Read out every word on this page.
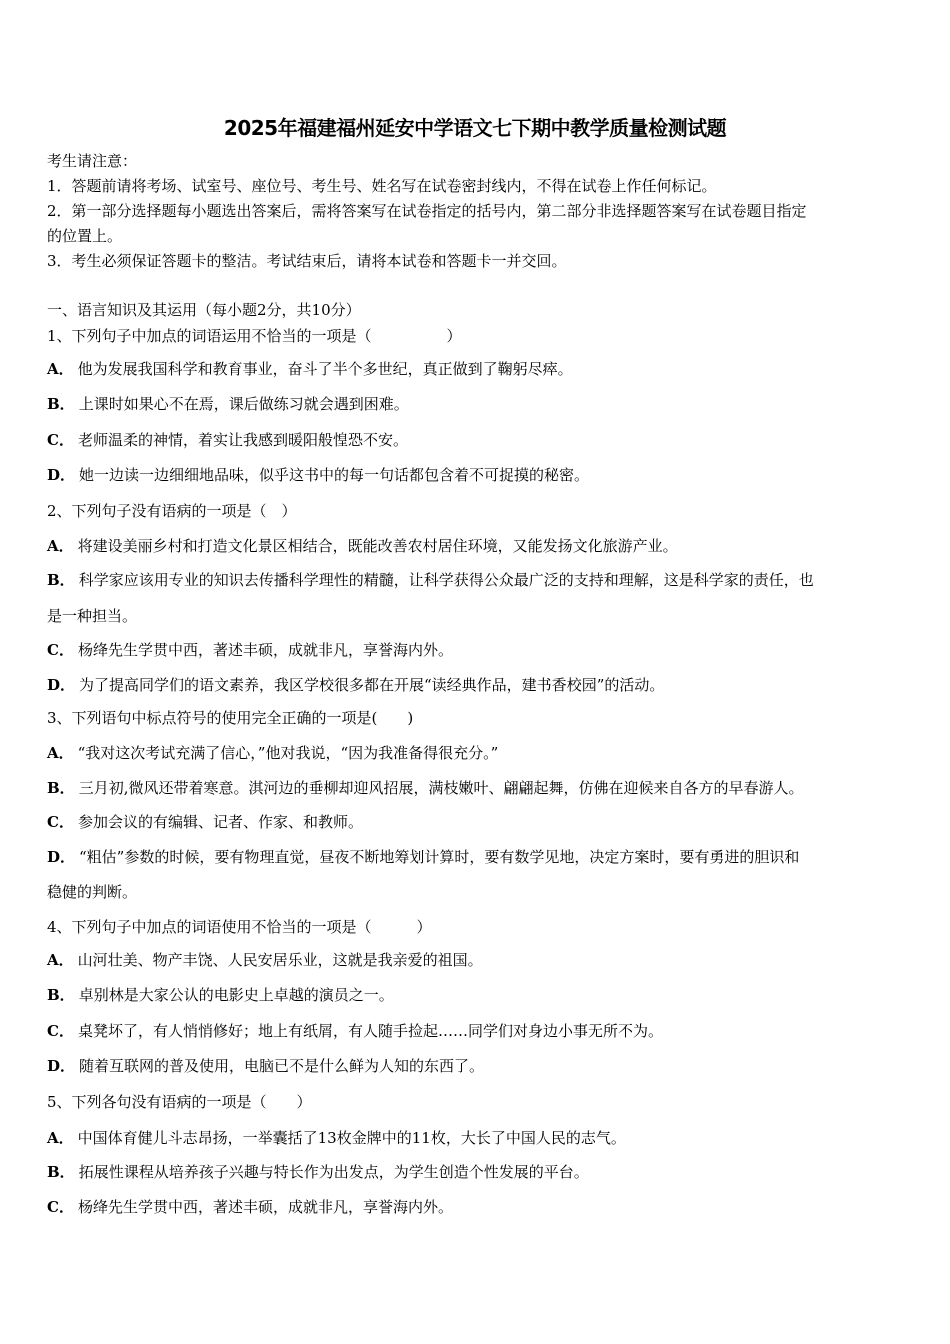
2025年福建福州延安中学语文七下期中教学质量检测试题
考生请注意：
1．答题前请将考场、试室号、座位号、考生号、姓名写在试卷密封线内，不得在试卷上作任何标记。
2．第一部分选择题每小题选出答案后，需将答案写在试卷指定的括号内，第二部分非选择题答案写在试卷题目指定
的位置上。
3．考生必须保证答题卡的整洁。考试结束后，请将本试卷和答题卡一并交回。
一、语言知识及其运用（每小题2分，共10分）
1、下列句子中加点的词语运用不恰当的一项是（　　　　　）
A． 他为发展我国科学和教育事业，奋斗了半个多世纪，真正做到了鞠躬尽瘁。
B． 上课时如果心不在焉，课后做练习就会遇到困难。
C． 老师温柔的神情，着实让我感到暖阳般惶恐不安。
D． 她一边读一边细细地品味，似乎这书中的每一句话都包含着不可捉摸的秘密。
2、下列句子没有语病的一项是（　）
A． 将建设美丽乡村和打造文化景区相结合，既能改善农村居住环境，又能发扬文化旅游产业。
B． 科学家应该用专业的知识去传播科学理性的精髓，让科学获得公众最广泛的支持和理解，这是科学家的责任，也
是一种担当。
C． 杨绛先生学贯中西，著述丰硕，成就非凡，享誉海内外。
D． 为了提高同学们的语文素养，我区学校很多都在开展“读经典作品，建书香校园”的活动。
3、下列语句中标点符号的使用完全正确的一项是(　　)
A． “我对这次考试充满了信心，”他对我说，“因为我准备得很充分。”
B． 三月初,微风还带着寒意。淇河边的垂柳却迎风招展，满枝嫩叶、翩翩起舞，仿佛在迎候来自各方的早春游人。
C． 参加会议的有编辑、记者、作家、和教师。
D． “粗估”参数的时候，要有物理直觉，昼夜不断地筹划计算时，要有数学见地，决定方案时，要有勇进的胆识和
稳健的判断。
4、下列句子中加点的词语使用不恰当的一项是（　　　）
A． 山河壮美、物产丰饶、人民安居乐业，这就是我亲爱的祖国。
B． 卓别林是大家公认的电影史上卓越的演员之一。
C． 桌凳坏了，有人悄悄修好；地上有纸屑，有人随手捡起……同学们对身边小事无所不为。
D． 随着互联网的普及使用，电脑已不是什么鲜为人知的东西了。
5、下列各句没有语病的一项是（　　）
A． 中国体育健儿斗志昂扬，一举囊括了13枚金牌中的11枚，大长了中国人民的志气。
B． 拓展性课程从培养孩子兴趣与特长作为出发点，为学生创造个性发展的平台。
C． 杨绛先生学贯中西，著述丰硕，成就非凡，享誉海内外。
